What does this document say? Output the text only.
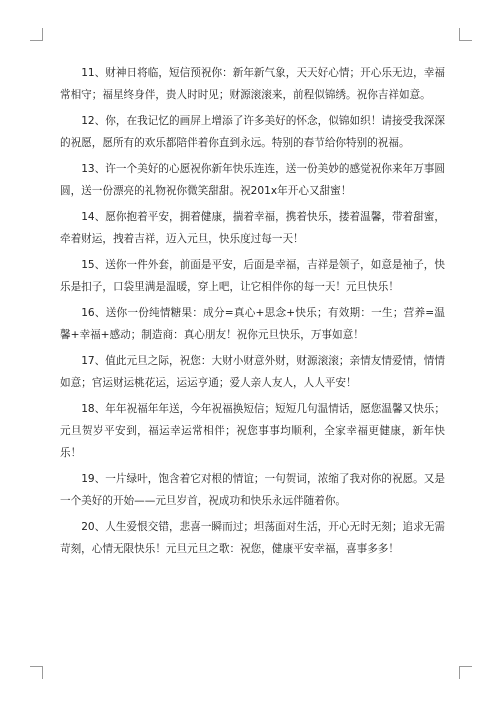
11、财神日将临，短信预祝你：新年新气象，天天好心情；开心乐无边，幸福常相守；福星终身伴，贵人时时见；财源滚滚来，前程似锦绣。祝你吉祥如意。

12、你，在我记忆的画屏上增添了许多美好的怀念，似锦如织！请接受我深深的祝愿，愿所有的欢乐都陪伴着你直到永远。特别的春节给你特别的祝福。

13、许一个美好的心愿祝你新年快乐连连，送一份美妙的感觉祝你来年万事圆圆，送一份漂亮的礼物祝你微笑甜甜。祝201x年开心又甜蜜！

14、愿你抱着平安，拥着健康，揣着幸福，携着快乐，搂着温馨，带着甜蜜，牵着财运，拽着吉祥，迈入元旦，快乐度过每一天！

15、送你一件外套，前面是平安，后面是幸福，吉祥是领子，如意是袖子，快乐是扣子，口袋里满是温暖，穿上吧，让它相伴你的每一天！元旦快乐！

16、送你一份纯情糖果：成分=真心+思念+快乐；有效期：一生；营养=温馨+幸福+感动；制造商：真心朋友！祝你元旦快乐，万事如意！

17、值此元旦之际，祝您：大财小财意外财，财源滚滚；亲情友情爱情，情情如意；官运财运桃花运，运运亨通；爱人亲人友人，人人平安！

18、年年祝福年年送，今年祝福换短信；短短几句温情话，愿您温馨又快乐；元旦贺岁平安到，福运幸运常相伴；祝您事事均顺利，全家幸福更健康，新年快乐！

19、一片绿叶，饱含着它对根的情谊；一句贺词，浓缩了我对你的祝愿。又是一个美好的开始——元旦岁首，祝成功和快乐永远伴随着你。

20、人生爱恨交错，悲喜一瞬而过；坦荡面对生活，开心无时无刻；追求无需苛刻，心情无限快乐！元旦元旦之歌：祝您，健康平安幸福，喜事多多！
